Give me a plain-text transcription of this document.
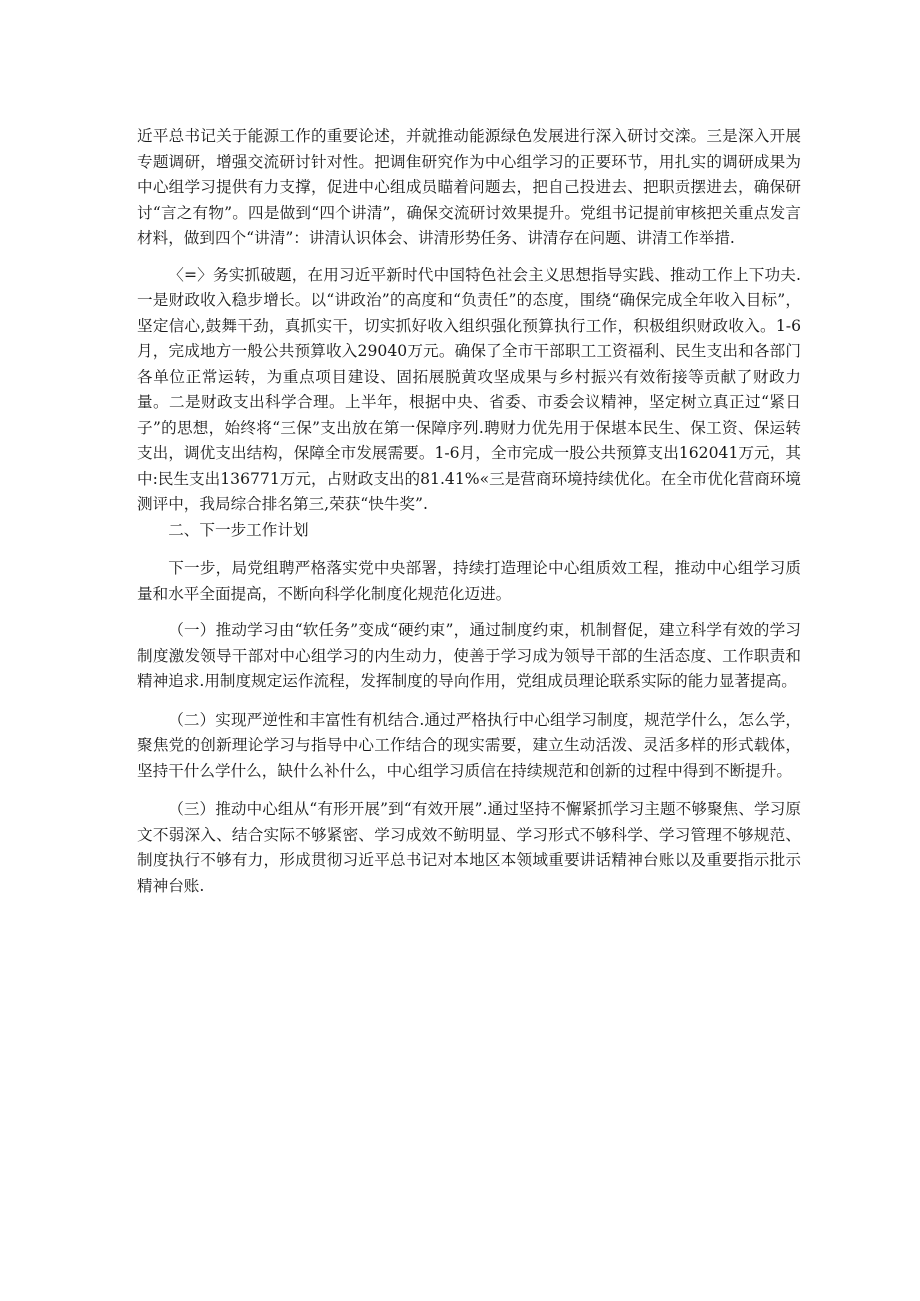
近平总书记关于能源工作的重要论述，并就推动能源绿色发展进行深入研讨交滦。三是深入开展专题调研，增强交流研讨针对性。把调隹研究作为中心组学习的正要环节，用扎实的调研成果为中心组学习提供有力支撑，促进中心组成员瞄着问题去，把自己投进去、把职贡摆进去，确保研讨“言之有物”。四是做到“四个讲清”，确保交流研讨效果提升。党组书记提前审核把关重点发言材料，做到四个“讲清”：讲清认识体会、讲清形势任务、讲清存在问题、讲清工作举措.

〈=〉务实抓破题，在用习近平新时代中国特色社会主义思想指导实践、推动工作上下功夫.一是财政收入稳步增长。以“讲政治”的高度和“负责任”的态度，围绕“确保完成全年收入目标”，坚定信心,鼓舞干劲，真抓实干，切实抓好收入组织强化预算执行工作，积极组织财政收入。1-6月，完成地方一般公共预算收入29040万元。确保了全市干部职工工资福利、民生支出和各部门各单位正常运转，为重点项目建设、固拓展脱黄攻坚成果与乡村振兴有效衔接等贡献了财政力量。二是财政支出科学合理。上半年，根据中央、省委、市委会议精神，坚定树立真正过“紧日子”的思想，始终将“三保”支出放在第一保障序列.聘财力优先用于保堪本民生、保工资、保运转支出，调优支出结构，保障全市发展需要。1-6月，全市完成一股公共预算支出162041万元，其中:民生支出136771万元，占财政支出的81.41%«三是营商环境持续优化。在全市优化营商环境测评中，我局综合排名第三,荣获“快牛奖”.

二、下一步工作计划

下一步，局党组聘严格落实党中央部署，持续打造理论中心组质效工程，推动中心组学习质量和水平全面提高，不断向科学化制度化规范化迈进。

（一）推动学习由“软任务”变成“硬约束”，通过制度约束，机制督促，建立科学有效的学习制度激发领导干部对中心组学习的内生动力，使善于学习成为领导干部的生活态度、工作职责和精神追求.用制度规定运作流程，发挥制度的导向作用，党组成员理论联系实际的能力显著提高。

（二）实现严逆性和丰富性有机结合.通过严格执行中心组学习制度，规范学什么，怎么学，聚焦党的创新理论学习与指导中心工作结合的现实需要，建立生动活泼、灵活多样的形式载体，坚持干什么学什么，缺什么补什么，中心组学习质信在持续规范和创新的过程中得到不断提升。

（三）推动中心组从“有形开展”到“有效开展”.通过坚持不懈紧抓学习主题不够聚焦、学习原文不弱深入、结合实际不够紧密、学习成效不鲂明显、学习形式不够科学、学习管理不够规范、制度执行不够有力，形成贯彻习近平总书记对本地区本领域重要讲话精神台账以及重要指示批示精神台账.
